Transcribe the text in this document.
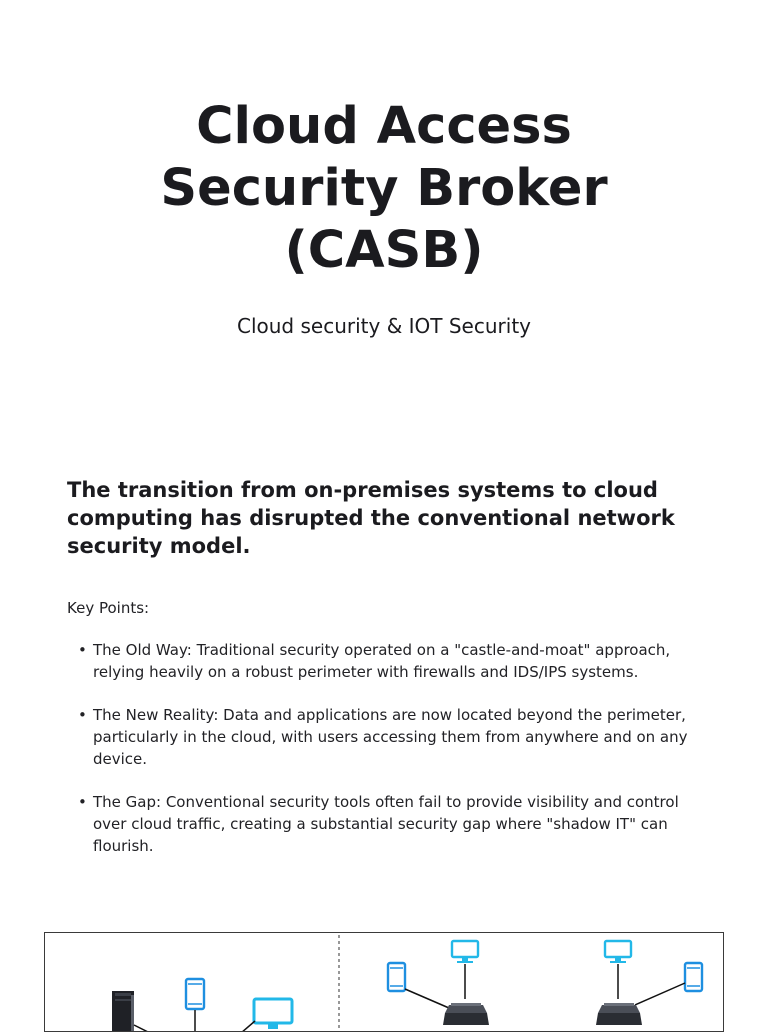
Cloud Access
Security Broker
(CASB)
Cloud security & IOT Security
The transition from on-premises systems to cloud computing has disrupted the conventional network security model.
Key Points:
• The Old Way: Traditional security operated on a "castle-and-moat" approach, relying heavily on a robust perimeter with firewalls and IDS/IPS systems.
• The New Reality: Data and applications are now located beyond the perimeter, particularly in the cloud, with users accessing them from anywhere and on any device.
• The Gap: Conventional security tools often fail to provide visibility and control over cloud traffic, creating a substantial security gap where "shadow IT" can flourish.
